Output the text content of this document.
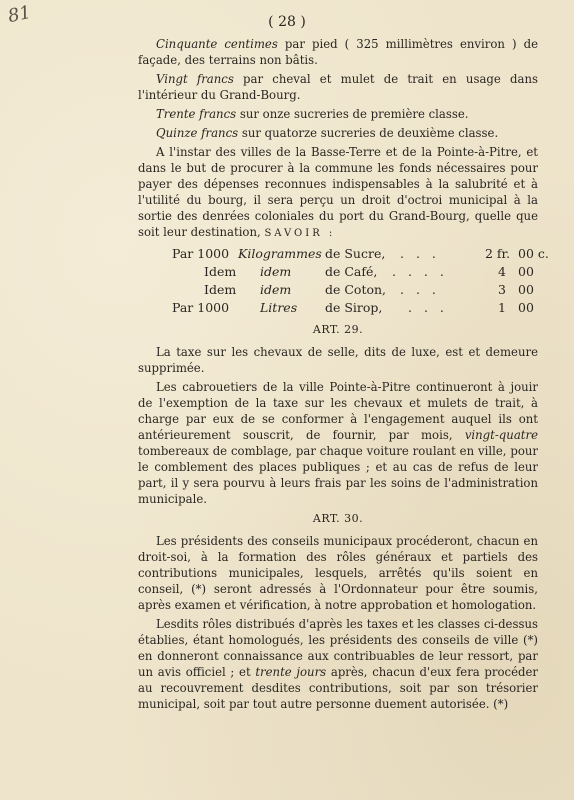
81	( 28 )

Cinquante centimes par pied ( 325 millimètres environ ) de façade, des terrains non bâtis.

Vingt francs par cheval et mulet de trait en usage dans l'intérieur du Grand-Bourg.

Trente francs sur onze sucreries de première classe.

Quinze francs sur quatorze sucreries de deuxième classe.

A l'instar des villes de la Basse-Terre et de la Pointe-à-Pitre, et dans le but de procurer à la commune les fonds nécessaires pour payer des dépenses reconnues indispensables à la salubrité et à l'utilité du bourg, il sera perçu un droit d'octroi municipal à la sortie des denrées coloniales du port du Grand-Bourg, quelle que soit leur destination, SAVOIR :

Par 1000 Kilogrammes de Sucre, . . .	2 fr. 00 c.
Idem idem	de Café, . . . .	4 00
Idem idem	de Coton, . . .	3 00
Par 1000 Litres de Sirop, . . .	1 00
ART. 29.

La taxe sur les chevaux de selle, dits de luxe, est et demeure supprimée.

Les cabrouetiers de la ville Pointe-à-Pitre continueront à jouir de l'exemption de la taxe sur les chevaux et mulets de trait, à charge par eux de se conformer à l'engagement auquel ils ont antérieurement souscrit, de fournir, par mois, vingt-quatre tombereaux de comblage, par chaque voiture roulant en ville, pour le comblement des places publiques ; et au cas de refus de leur part, il y sera pourvu à leurs frais par les soins de l'administration municipale.

ART. 30.

Les présidents des conseils municipaux procéderont, chacun en droit-soi, à la formation des rôles généraux et partiels des contributions municipales, lesquels, arrêtés qu'ils soient en conseil, (*) seront adressés à l'Ordonnateur pour être soumis, après examen et vérification, à notre approbation et homologation.

Lesdits rôles distribués d'après les taxes et les classes ci-dessus établies, étant homologués, les présidents des conseils de ville (*) en donneront connaissance aux contribuables de leur ressort, par un avis officiel ; et trente jours après, chacun d'eux fera procéder au recouvrement desdites contributions, soit par son trésorier municipal, soit par tout autre personne duement autorisée. (*)
